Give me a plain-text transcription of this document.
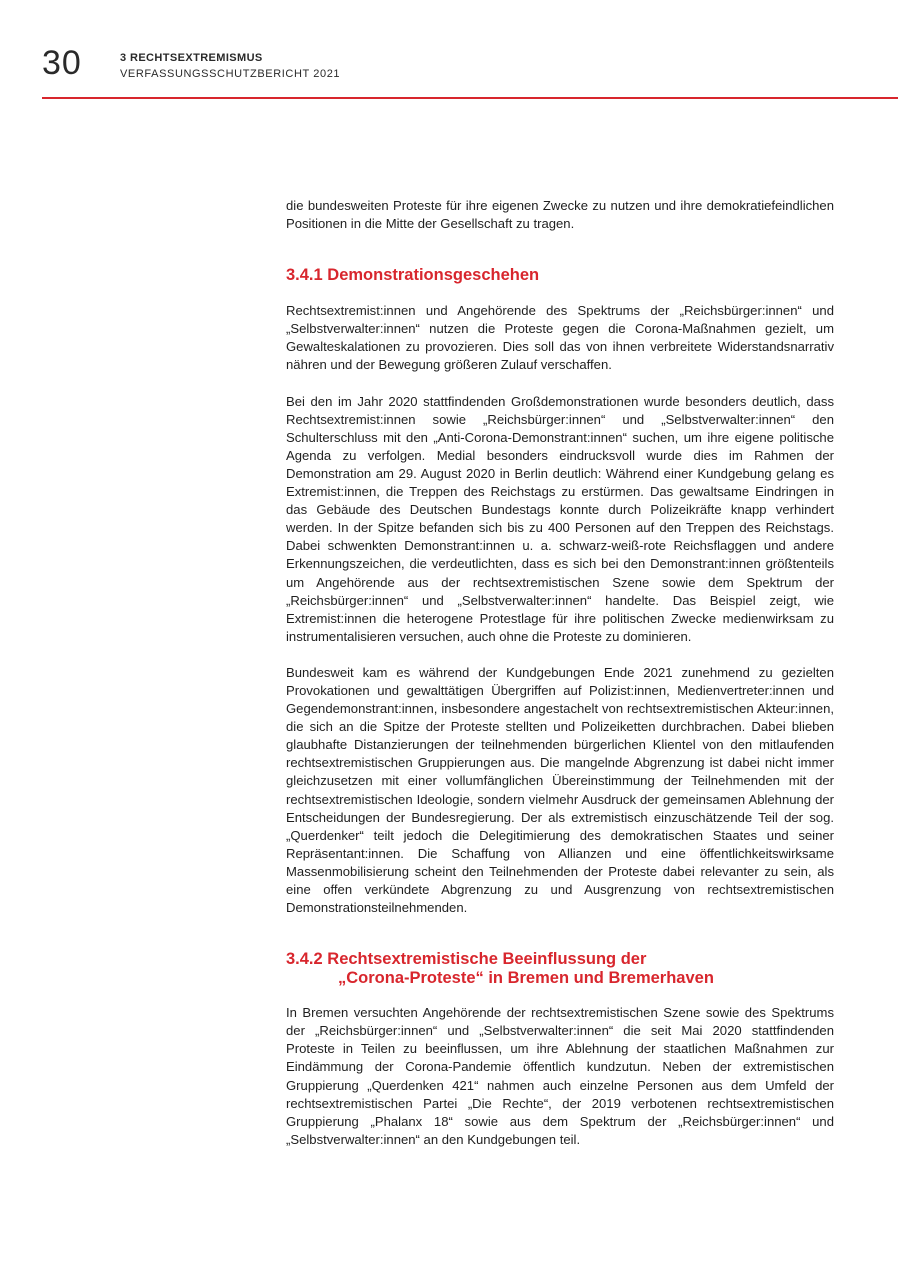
30	3 RECHTSEXTREMISMUS
VERFASSUNGSSCHUTZBERICHT 2021

die bundesweiten Proteste für ihre eigenen Zwecke zu nutzen und ihre demokratiefeindlichen Positionen in die Mitte der Gesellschaft zu tragen.

3.4.1 Demonstrationsgeschehen

Rechtsextremist:innen und Angehörende des Spektrums der „Reichsbürger:innen“ und „Selbstverwalter:innen“ nutzen die Proteste gegen die Corona-Maßnahmen gezielt, um Gewalteskalationen zu provozieren. Dies soll das von ihnen verbreitete Widerstandsnarrativ nähren und der Bewegung größeren Zulauf verschaffen.

Bei den im Jahr 2020 stattfindenden Großdemonstrationen wurde besonders deutlich, dass Rechtsextremist:innen sowie „Reichsbürger:innen“ und „Selbstverwalter:innen“ den Schulterschluss mit den „Anti-Corona-Demonstrant:innen“ suchen, um ihre eigene politische Agenda zu verfolgen. Medial besonders eindrucksvoll wurde dies im Rahmen der Demonstration am 29. August 2020 in Berlin deutlich: Während einer Kundgebung gelang es Extremist:innen, die Treppen des Reichstags zu erstürmen. Das gewaltsame Eindringen in das Gebäude des Deutschen Bundestags konnte durch Polizeikräfte knapp verhindert werden. In der Spitze befanden sich bis zu 400 Personen auf den Treppen des Reichstags. Dabei schwenkten Demonstrant:innen u. a. schwarz-weiß-rote Reichsflaggen und andere Erkennungszeichen, die verdeutlichten, dass es sich bei den Demonstrant:innen größtenteils um Angehörende aus der rechtsextremistischen Szene sowie dem Spektrum der „Reichsbürger:innen“ und „Selbstverwalter:innen“ handelte. Das Beispiel zeigt, wie Extremist:innen die heterogene Protestlage für ihre politischen Zwecke medienwirksam zu instrumentalisieren versuchen, auch ohne die Proteste zu dominieren.

Bundesweit kam es während der Kundgebungen Ende 2021 zunehmend zu gezielten Provokationen und gewalttätigen Übergriffen auf Polizist:innen, Medienvertreter:innen und Gegendemonstrant:innen, insbesondere angestachelt von rechtsextremistischen Akteur:innen, die sich an die Spitze der Proteste stellten und Polizeiketten durchbrachen. Dabei blieben glaubhafte Distanzierungen der teilnehmenden bürgerlichen Klientel von den mitlaufenden rechtsextremistischen Gruppierungen aus. Die mangelnde Abgrenzung ist dabei nicht immer gleichzusetzen mit einer vollumfänglichen Übereinstimmung der Teilnehmenden mit der rechtsextremistischen Ideologie, sondern vielmehr Ausdruck der gemeinsamen Ablehnung der Entscheidungen der Bundesregierung. Der als extremistisch einzuschätzende Teil der sog. „Querdenker“ teilt jedoch die Delegitimierung des demokratischen Staates und seiner Repräsentant:innen. Die Schaffung von Allianzen und eine öffentlichkeitswirksame Massenmobilisierung scheint den Teilnehmenden der Proteste dabei relevanter zu sein, als eine offen verkündete Abgrenzung zu und Ausgrenzung von rechtsextremistischen Demonstrationsteilnehmenden.

3.4.2 Rechtsextremistische Beeinflussung der
„Corona-Proteste“ in Bremen und Bremerhaven

In Bremen versuchten Angehörende der rechtsextremistischen Szene sowie des Spektrums der „Reichsbürger:innen“ und „Selbstverwalter:innen“ die seit Mai 2020 stattfindenden Proteste in Teilen zu beeinflussen, um ihre Ablehnung der staatlichen Maßnahmen zur Eindämmung der Corona-Pandemie öffentlich kundzutun. Neben der extremistischen Gruppierung „Querdenken 421“ nahmen auch einzelne Personen aus dem Umfeld der rechtsextremistischen Partei „Die Rechte“, der 2019 verbotenen rechtsextremistischen Gruppierung „Phalanx 18“ sowie aus dem Spektrum der „Reichsbürger:innen“ und „Selbstverwalter:innen“ an den Kundgebungen teil.
